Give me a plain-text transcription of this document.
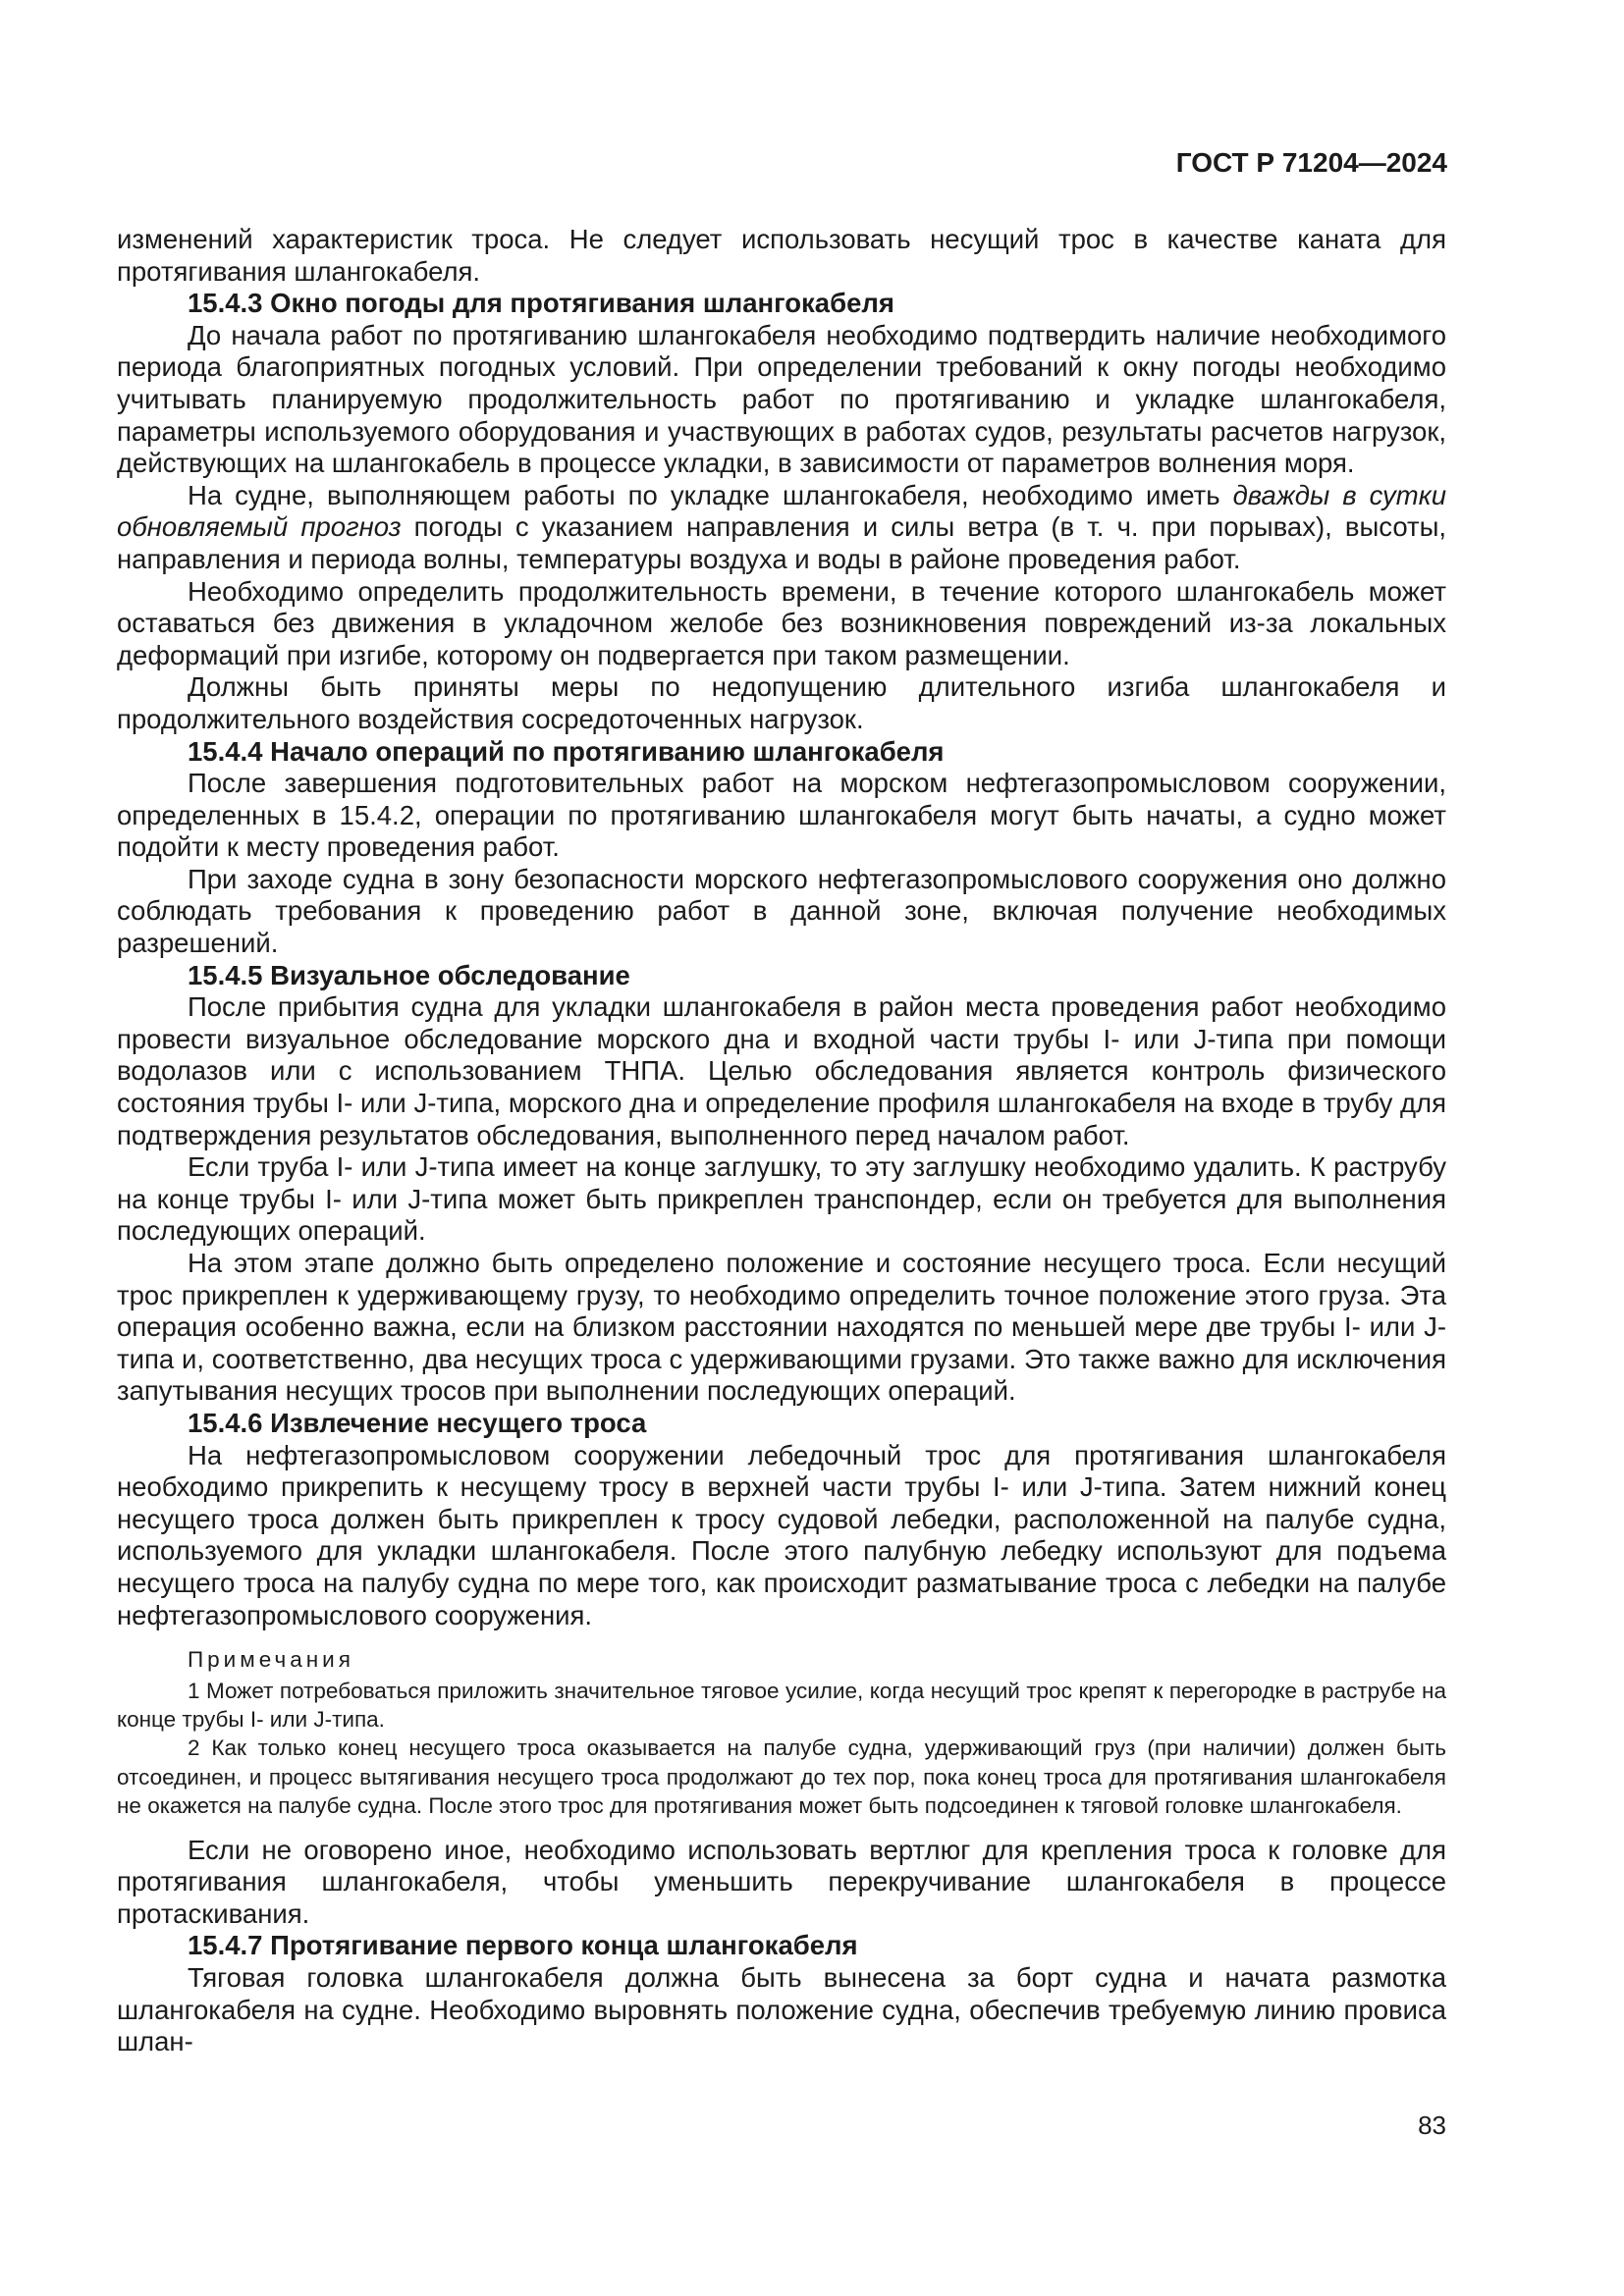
ГОСТ Р 71204—2024

изменений характеристик троса. Не следует использовать несущий трос в качестве каната для протягивания шлангокабеля.

15.4.3 Окно погоды для протягивания шлангокабеля

До начала работ по протягиванию шлангокабеля необходимо подтвердить наличие необходимого периода благоприятных погодных условий. При определении требований к окну погоды необходимо учитывать планируемую продолжительность работ по протягиванию и укладке шлангокабеля, параметры используемого оборудования и участвующих в работах судов, результаты расчетов нагрузок, действующих на шлангокабель в процессе укладки, в зависимости от параметров волнения моря.

На судне, выполняющем работы по укладке шлангокабеля, необходимо иметь дважды в сутки обновляемый прогноз погоды с указанием направления и силы ветра (в т. ч. при порывах), высоты, направления и периода волны, температуры воздуха и воды в районе проведения работ.

Необходимо определить продолжительность времени, в течение которого шлангокабель может оставаться без движения в укладочном желобе без возникновения повреждений из-за локальных деформаций при изгибе, которому он подвергается при таком размещении.

Должны быть приняты меры по недопущению длительного изгиба шлангокабеля и продолжительного воздействия сосредоточенных нагрузок.

15.4.4 Начало операций по протягиванию шлангокабеля

После завершения подготовительных работ на морском нефтегазопромысловом сооружении, определенных в 15.4.2, операции по протягиванию шлангокабеля могут быть начаты, а судно может подойти к месту проведения работ.

При заходе судна в зону безопасности морского нефтегазопромыслового сооружения оно должно соблюдать требования к проведению работ в данной зоне, включая получение необходимых разрешений.

15.4.5 Визуальное обследование

После прибытия судна для укладки шлангокабеля в район места проведения работ необходимо провести визуальное обследование морского дна и входной части трубы I- или J-типа при помощи водолазов или с использованием ТНПА. Целью обследования является контроль физического состояния трубы I- или J-типа, морского дна и определение профиля шлангокабеля на входе в трубу для подтверждения результатов обследования, выполненного перед началом работ.

Если труба I- или J-типа имеет на конце заглушку, то эту заглушку необходимо удалить. К раструбу на конце трубы I- или J-типа может быть прикреплен транспондер, если он требуется для выполнения последующих операций.

На этом этапе должно быть определено положение и состояние несущего троса. Если несущий трос прикреплен к удерживающему грузу, то необходимо определить точное положение этого груза. Эта операция особенно важна, если на близком расстоянии находятся по меньшей мере две трубы I- или J-типа и, соответственно, два несущих троса с удерживающими грузами. Это также важно для исключения запутывания несущих тросов при выполнении последующих операций.

15.4.6 Извлечение несущего троса

На нефтегазопромысловом сооружении лебедочный трос для протягивания шлангокабеля необходимо прикрепить к несущему тросу в верхней части трубы I- или J-типа. Затем нижний конец несущего троса должен быть прикреплен к тросу судовой лебедки, расположенной на палубе судна, используемого для укладки шлангокабеля. После этого палубную лебедку используют для подъема несущего троса на палубу судна по мере того, как происходит разматывание троса с лебедки на палубе нефтегазопромыслового сооружения.

Примечания

1 Может потребоваться приложить значительное тяговое усилие, когда несущий трос крепят к перегородке в раструбе на конце трубы I- или J-типа.

2 Как только конец несущего троса оказывается на палубе судна, удерживающий груз (при наличии) должен быть отсоединен, и процесс вытягивания несущего троса продолжают до тех пор, пока конец троса для протягивания шлангокабеля не окажется на палубе судна. После этого трос для протягивания может быть подсоединен к тяговой головке шлангокабеля.

Если не оговорено иное, необходимо использовать вертлюг для крепления троса к головке для протягивания шлангокабеля, чтобы уменьшить перекручивание шлангокабеля в процессе протаскивания.

15.4.7 Протягивание первого конца шлангокабеля

Тяговая головка шлангокабеля должна быть вынесена за борт судна и начата размотка шлангокабеля на судне. Необходимо выровнять положение судна, обеспечив требуемую линию провиса шлан-

83
